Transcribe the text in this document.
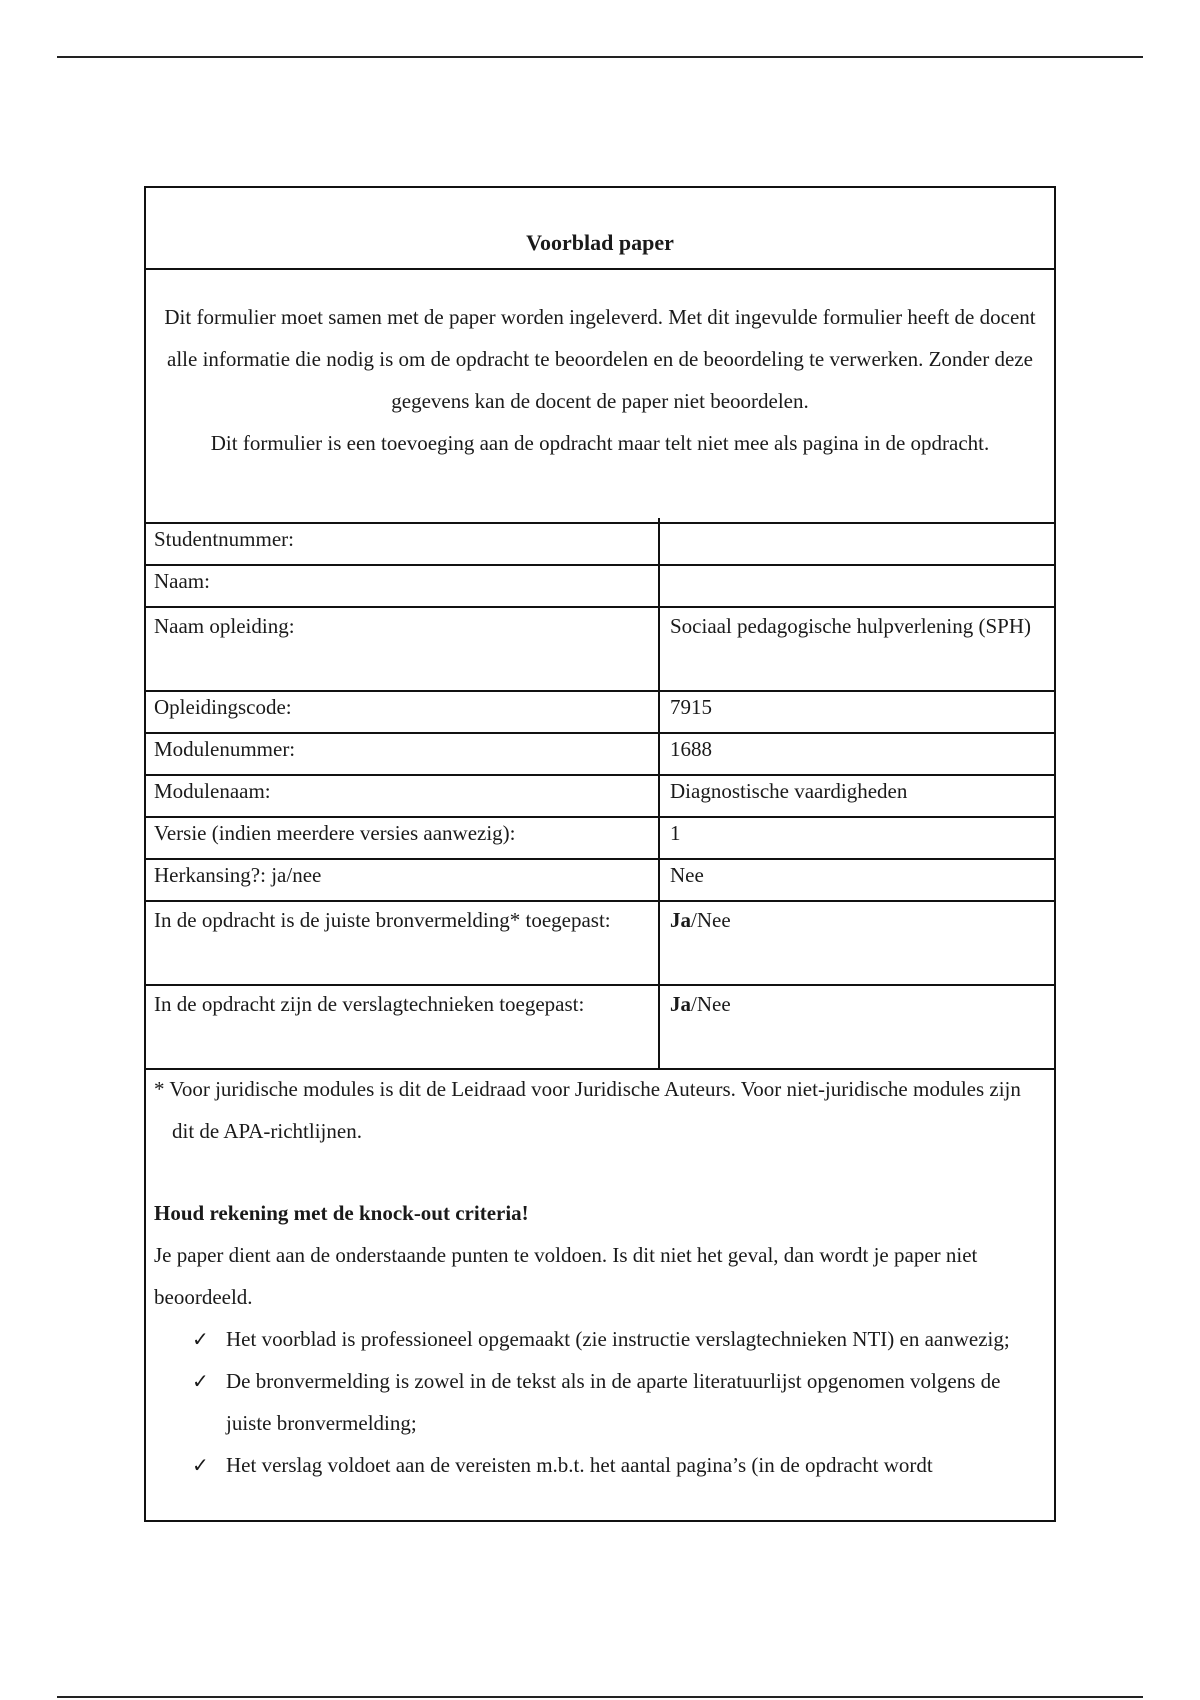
Voorblad paper

Dit formulier moet samen met de paper worden ingeleverd. Met dit ingevulde formulier heeft de docent alle informatie die nodig is om de opdracht te beoordelen en de beoordeling te verwerken. Zonder deze gegevens kan de docent de paper niet beoordelen.

Dit formulier is een toevoeging aan de opdracht maar telt niet mee als pagina in de opdracht.

Studentnummer:
Naam:
Naam opleiding:	Sociaal pedagogische hulpverlening (SPH)
Opleidingscode:	7915
Modulenummer:	1688
Modulenaam:	Diagnostische vaardigheden
Versie (indien meerdere versies aanwezig):	1
Herkansing?: ja/nee	Nee
In de opdracht is de juiste bronvermelding* toegepast:	Ja/Nee
In de opdracht zijn de verslagtechnieken toegepast:	Ja/Nee

* Voor juridische modules is dit de Leidraad voor Juridische Auteurs. Voor niet-juridische modules zijn dit de APA-richtlijnen.

Houd rekening met de knock-out criteria!

Je paper dient aan de onderstaande punten te voldoen. Is dit niet het geval, dan wordt je paper niet beoordeeld.

✓ Het voorblad is professioneel opgemaakt (zie instructie verslagtechnieken NTI) en aanwezig;
✓ De bronvermelding is zowel in de tekst als in de aparte literatuurlijst opgenomen volgens de juiste bronvermelding;
✓ Het verslag voldoet aan de vereisten m.b.t. het aantal pagina’s (in de opdracht wordt
